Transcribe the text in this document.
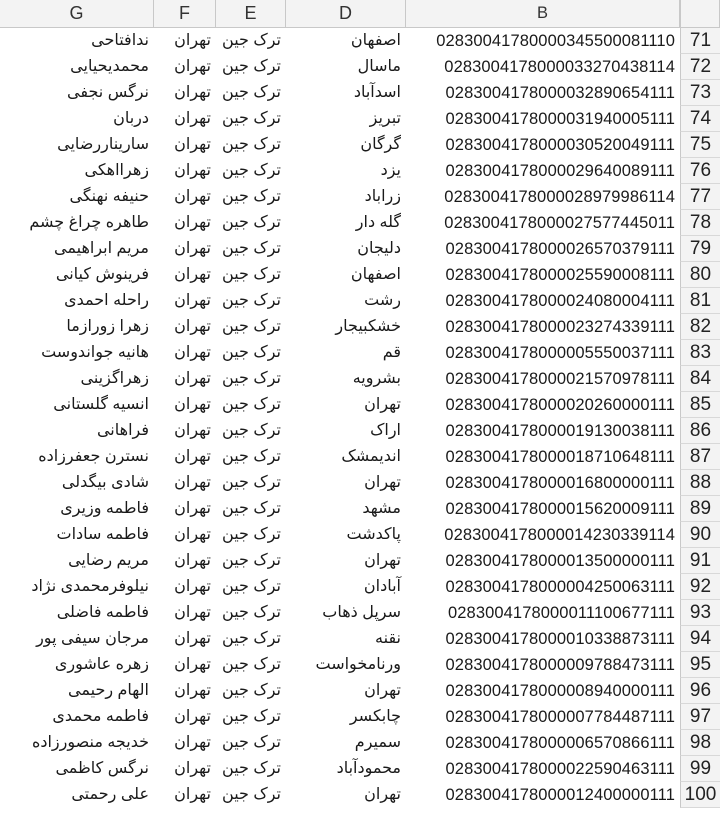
G	F	E	D	B
ندافتاحی	تهران ترک جین	اصفهان	02830041780000345500081110 71
محمدیحیایی	تهران ترک جین	ماسال	0283004178000033270438114 72
نرگس نجفی	تهران ترک جین	اسدآباد	0283004178000032890654111 73
دربان	تهران ترک جین	تبریز	0283004178000031940005111 74
ساریناررضایی	تهران ترک جین	گرگان	0283004178000030520049111 75
زهرااهکی	تهران ترک جین	یزد	0283004178000029640089111 76
حنیفه نهنگی	تهران ترک جین	زراباد	0283004178000028979986114 77
طاهره چراغ چشم	تهران ترک جین	گله دار	0283004178000027577445011 78
مریم ابراهیمی	تهران ترک جین	دلیجان	0283004178000026570379111 79
فرینوش کیانی	تهران ترک جین	اصفهان	0283004178000025590008111 80
راحله احمدی	تهران ترک جین	رشت	0283004178000024080004111 81
زهرا زورازما	تهران ترک جین	خشکبیجار	0283004178000023274339111 82
هانیه جواندوست	تهران ترک جین	قم	0283004178000005550037111 83
زهراگزینی	تهران ترک جین	بشرویه	0283004178000021570978111 84
انسیه گلستانی	تهران ترک جین	تهران	0283004178000020260000111 85
فراهانی	تهران ترک جین	اراک	0283004178000019130038111 86
نسترن جعفرزاده	تهران ترک جین	اندیمشک	0283004178000018710648111 87
شادی بیگدلی	تهران ترک جین	تهران	0283004178000016800000111 88
فاطمه وزیری	تهران ترک جین	مشهد	0283004178000015620009111 89
فاطمه سادات	تهران ترک جین	پاکدشت	0283004178000014230339114 90
مریم رضایی	تهران ترک جین	تهران	0283004178000013500000111 91
نیلوفرمحمدی نژاد	تهران ترک جین	آبادان	0283004178000004250063111 92
فاطمه فاضلی	تهران ترک جین	سرپل ذهاب	0283004178000011100677111 93
مرجان سیفی پور	تهران ترک جین	نقنه	0283004178000010338873111 94
زهره عاشوری	تهران ترک جین	ورنامخواست	0283004178000009788473111 95
الهام رحیمی	تهران ترک جین	تهران	0283004178000008940000111 96
فاطمه محمدی	تهران ترک جین	چابکسر	0283004178000007784487111 97
خدیجه منصورزاده	تهران ترک جین	سمیرم	0283004178000006570866111 98
نرگس کاظمی	تهران ترک جین	محمودآباد	0283004178000022590463111 99
علی رحمتی	تهران ترک جین	تهران	0283004178000012400000111 100
